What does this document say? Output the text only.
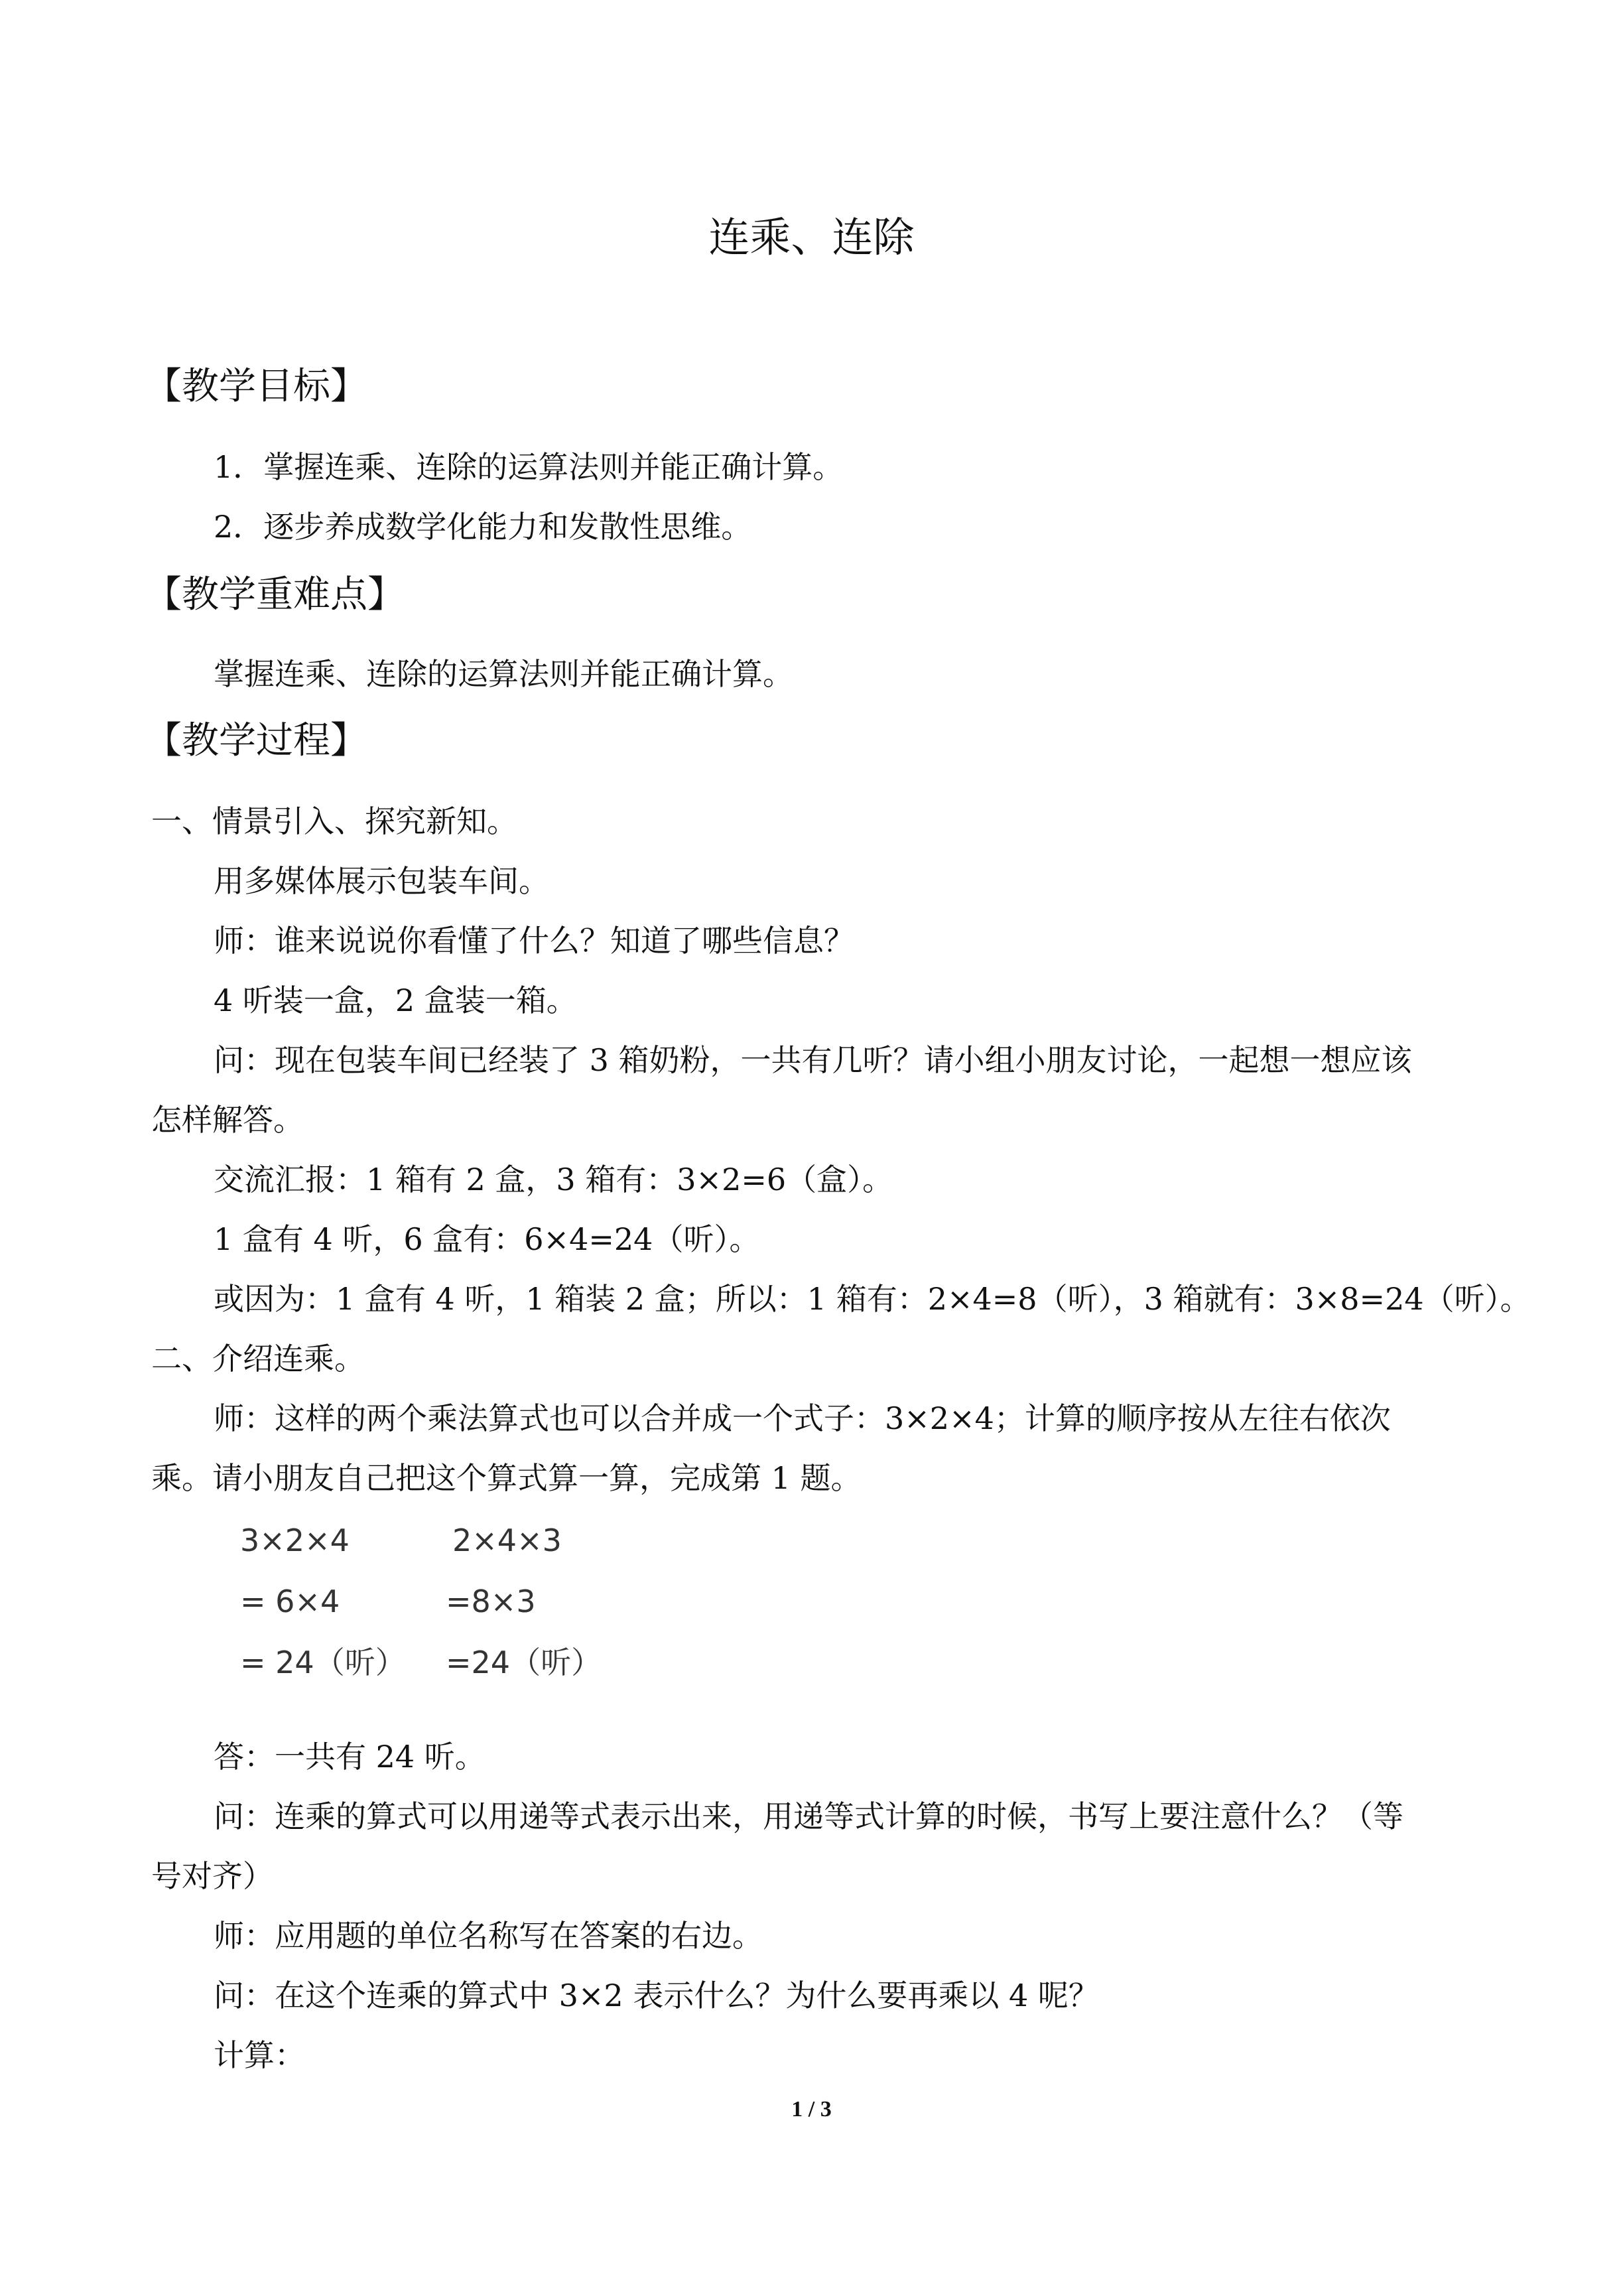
连乘、连除
【教学目标】

1．掌握连乘、连除的运算法则并能正确计算。

2．逐步养成数学化能力和发散性思维。

【教学重难点】

掌握连乘、连除的运算法则并能正确计算。

【教学过程】

一、情景引入、探究新知。

用多媒体展示包装车间。

师：谁来说说你看懂了什么？知道了哪些信息？

4 听装一盒，2 盒装一箱。

问：现在包装车间已经装了 3 箱奶粉，一共有几听？请小组小朋友讨论，一起想一想应该

怎样解答。

交流汇报：1 箱有 2 盒，3 箱有：3×2=6（盒）。

1 盒有 4 听，6 盒有：6×4=24（听）。

或因为：1 盒有 4 听，1 箱装 2 盒；所以：1 箱有：2×4=8（听），3 箱就有：3×8=24（听）。

二、介绍连乘。

师：这样的两个乘法算式也可以合并成一个式子：3×2×4；计算的顺序按从左往右依次

乘。请小朋友自己把这个算式算一算，完成第 1 题。

3×2×4
= 6×4
= 24（听）
2×4×3
=8×3
=24（听）

答：一共有 24 听。

问：连乘的算式可以用递等式表示出来，用递等式计算的时候，书写上要注意什么？（等

号对齐）

师：应用题的单位名称写在答案的右边。

问：在这个连乘的算式中 3×2 表示什么？为什么要再乘以 4 呢？

计算：

1 / 3
